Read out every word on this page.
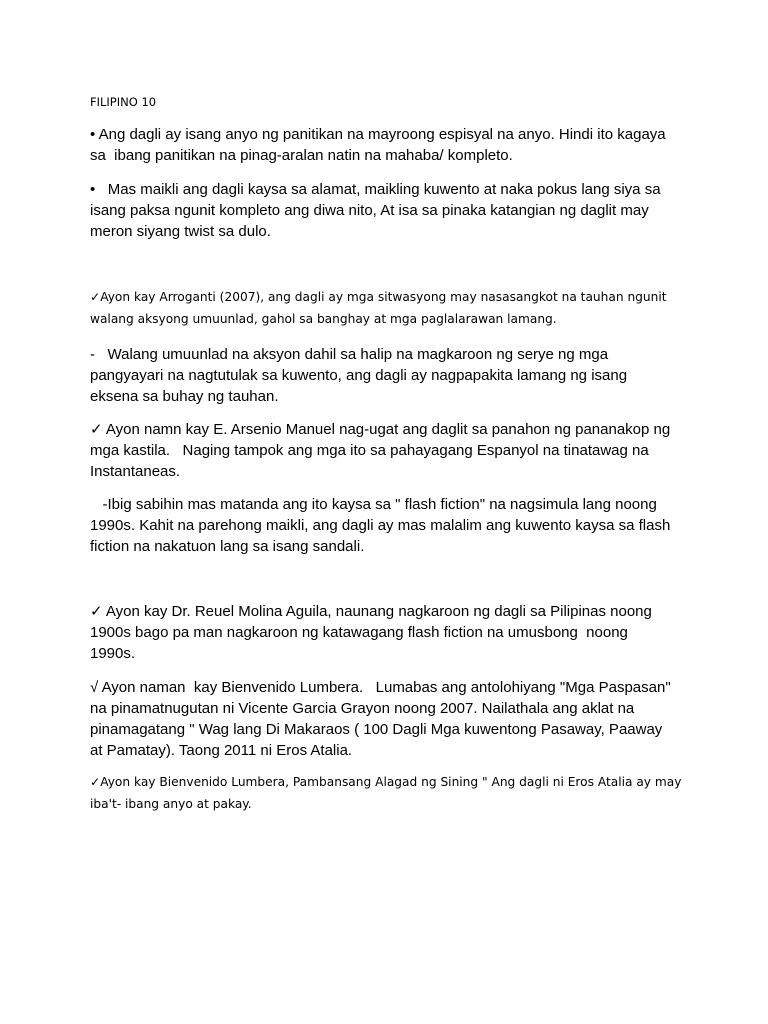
FILIPINO 10

• Ang dagli ay isang anyo ng panitikan na mayroong espisyal na anyo. Hindi ito kagaya
sa  ibang panitikan na pinag-aralan natin na mahaba/ kompleto.

•   Mas maikli ang dagli kaysa sa alamat, maikling kuwento at naka pokus lang siya sa
isang paksa ngunit kompleto ang diwa nito, At isa sa pinaka katangian ng daglit may
meron siyang twist sa dulo.

✓Ayon kay Arroganti (2007), ang dagli ay mga sitwasyong may nasasangkot na tauhan ngunit
walang aksyong umuunlad, gahol sa banghay at mga paglalarawan lamang.

-   Walang umuunlad na aksyon dahil sa halip na magkaroon ng serye ng mga
pangyayari na nagtutulak sa kuwento, ang dagli ay nagpapakita lamang ng isang
eksena sa buhay ng tauhan.

✓ Ayon namn kay E. Arsenio Manuel nag-ugat ang daglit sa panahon ng pananakop ng
mga kastila.   Naging tampok ang mga ito sa pahayagang Espanyol na tinatawag na
Instantaneas.

-Ibig sabihin mas matanda ang ito kaysa sa " flash fiction" na nagsimula lang noong
1990s. Kahit na parehong maikli, ang dagli ay mas malalim ang kuwento kaysa sa flash
fiction na nakatuon lang sa isang sandali.

✓ Ayon kay Dr. Reuel Molina Aguila, naunang nagkaroon ng dagli sa Pilipinas noong
1900s bago pa man nagkaroon ng katawagang flash fiction na umusbong  noong
1990s.

√ Ayon naman  kay Bienvenido Lumbera.   Lumabas ang antolohiyang "Mga Paspasan"
na pinamatnugutan ni Vicente Garcia Grayon noong 2007. Nailathala ang aklat na
pinamagatang " Wag lang Di Makaraos ( 100 Dagli Mga kuwentong Pasaway, Paaway
at Pamatay). Taong 2011 ni Eros Atalia.

✓Ayon kay Bienvenido Lumbera, Pambansang Alagad ng Sining " Ang dagli ni Eros Atalia ay may
iba't- ibang anyo at pakay.
